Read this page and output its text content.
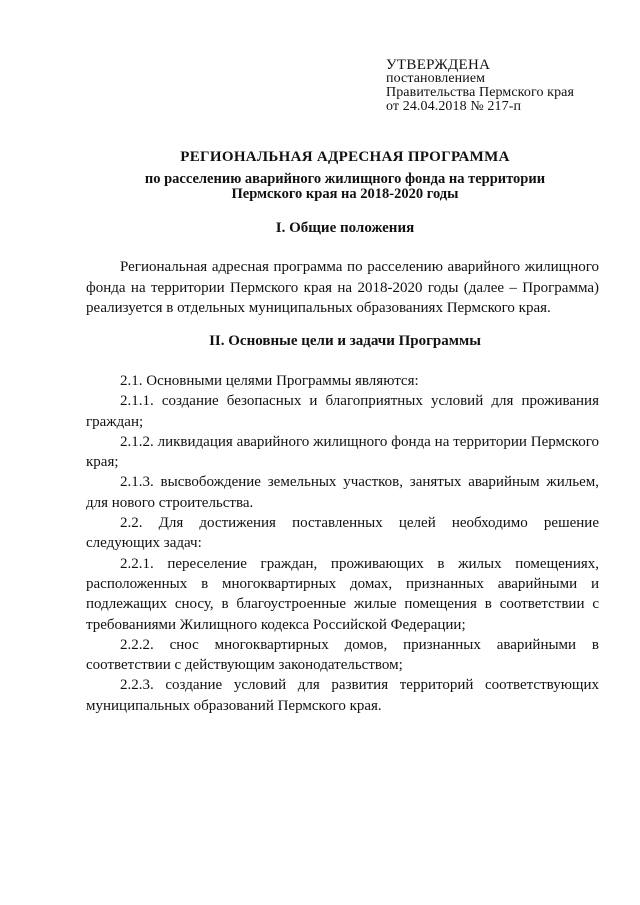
УТВЕРЖДЕНА
постановлением
Правительства Пермского края
от 24.04.2018 № 217-п
РЕГИОНАЛЬНАЯ АДРЕСНАЯ ПРОГРАММА
по расселению аварийного жилищного фонда на территории
Пермского края на 2018-2020 годы
I. Общие положения

Региональная адресная программа по расселению аварийного жилищного фонда на территории Пермского края на 2018-2020 годы (далее – Программа) реализуется в отдельных муниципальных образованиях Пермского края.

II. Основные цели и задачи Программы

2.1. Основными целями Программы являются:

2.1.1. создание безопасных и благоприятных условий для проживания граждан;

2.1.2. ликвидация аварийного жилищного фонда на территории Пермского края;

2.1.3. высвобождение земельных участков, занятых аварийным жильем, для нового строительства.

2.2. Для достижения поставленных целей необходимо решение следующих задач:

2.2.1. переселение граждан, проживающих в жилых помещениях, расположенных в многоквартирных домах, признанных аварийными и подлежащих сносу, в благоустроенные жилые помещения в соответствии с требованиями Жилищного кодекса Российской Федерации;

2.2.2. снос многоквартирных домов, признанных аварийными в соответствии с действующим законодательством;

2.2.3. создание условий для развития территорий соответствующих муниципальных образований Пермского края.
